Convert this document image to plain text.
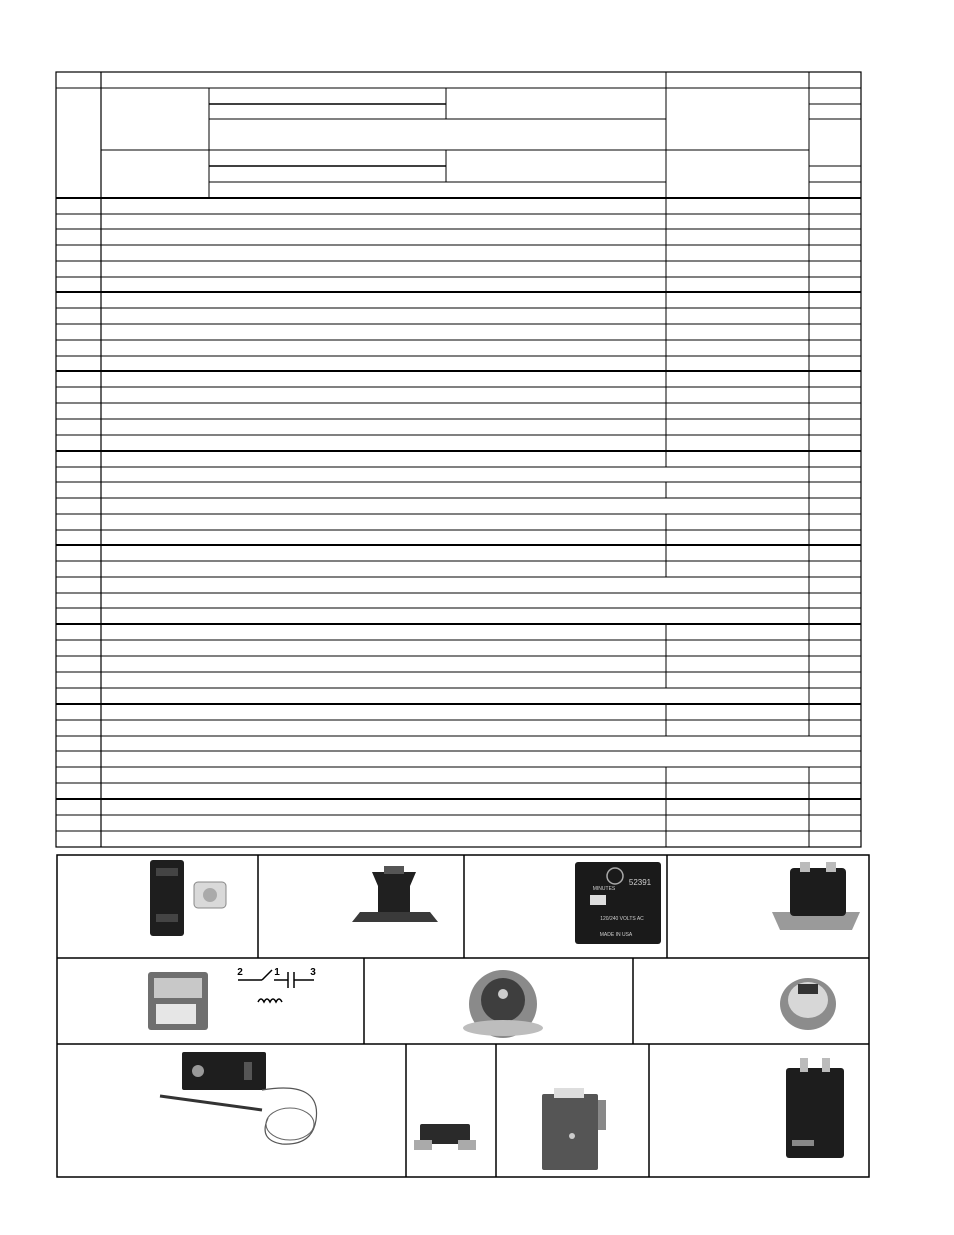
52391
MINUTES
120/240 VOLTS AC
MADE IN USA
2	1	3
